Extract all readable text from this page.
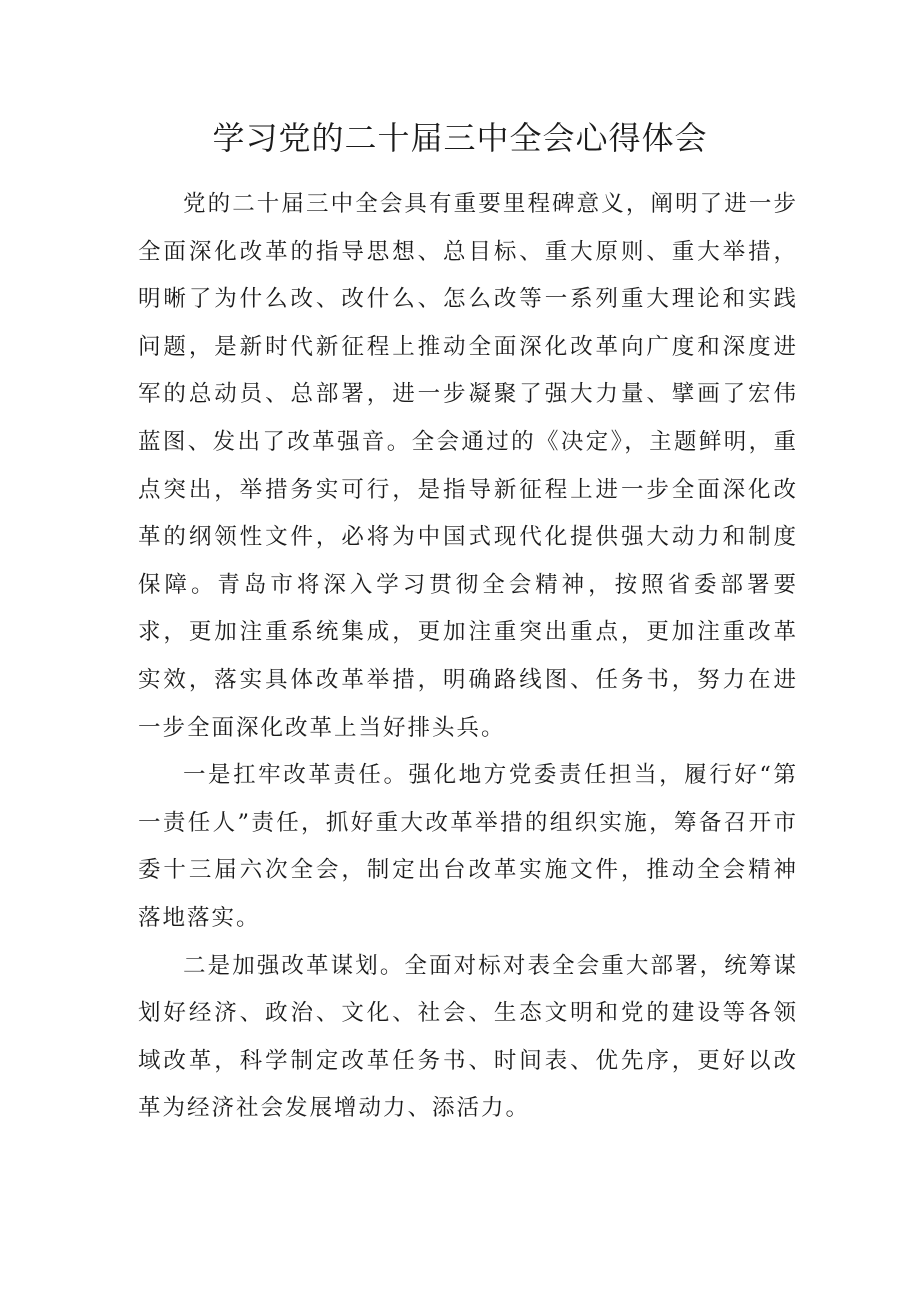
学习党的二十届三中全会心得体会

党的二十届三中全会具有重要里程碑意义，阐明了进一步全面深化改革的指导思想、总目标、重大原则、重大举措，明晰了为什么改、改什么、怎么改等一系列重大理论和实践问题，是新时代新征程上推动全面深化改革向广度和深度进军的总动员、总部署，进一步凝聚了强大力量、擘画了宏伟蓝图、发出了改革强音。全会通过的《决定》，主题鲜明，重点突出，举措务实可行，是指导新征程上进一步全面深化改革的纲领性文件，必将为中国式现代化提供强大动力和制度保障。青岛市将深入学习贯彻全会精神，按照省委部署要求，更加注重系统集成，更加注重突出重点，更加注重改革实效，落实具体改革举措，明确路线图、任务书，努力在进一步全面深化改革上当好排头兵。

一是扛牢改革责任。强化地方党委责任担当，履行好“第一责任人”责任，抓好重大改革举措的组织实施，筹备召开市委十三届六次全会，制定出台改革实施文件，推动全会精神落地落实。

二是加强改革谋划。全面对标对表全会重大部署，统筹谋划好经济、政治、文化、社会、生态文明和党的建设等各领域改革，科学制定改革任务书、时间表、优先序，更好以改革为经济社会发展增动力、添活力。
